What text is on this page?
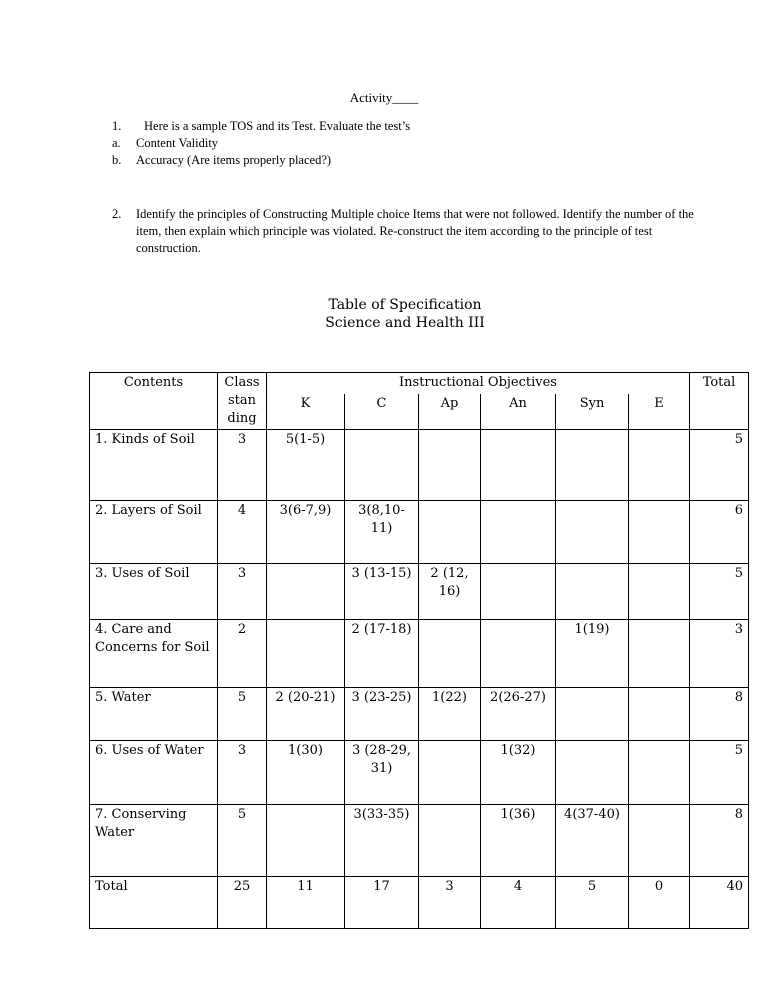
Activity____
1.	Here is a sample TOS and its Test. Evaluate the test’s
a.	Content Validity
b.	Accuracy (Are items properly placed?)
2.	Identify the principles of Constructing Multiple choice Items that were not followed. Identify the number of the item, then explain which principle was violated. Re-construct the item according to the principle of test construction.
Table of Specification
Science and Health III
Contents	Class stan ding	Instructional Objectives						Total
		K	C	Ap	An	Syn	E	
1. Kinds of Soil	3	5(1-5)						5
2. Layers of Soil	4	3(6-7,9)	3(8,10-11)					6
3. Uses of Soil	3		3 (13-15)	2 (12, 16)				5
4. Care and Concerns for Soil	2		2 (17-18)			1(19)		3
5. Water	5	2 (20-21)	3 (23-25)	1(22)	2(26-27)			8
6. Uses of Water	3	1(30)	3 (28-29, 31)		1(32)			5
7. Conserving Water	5		3(33-35)		1(36)	4(37-40)		8
Total	25	11	17	3	4	5	0	40
